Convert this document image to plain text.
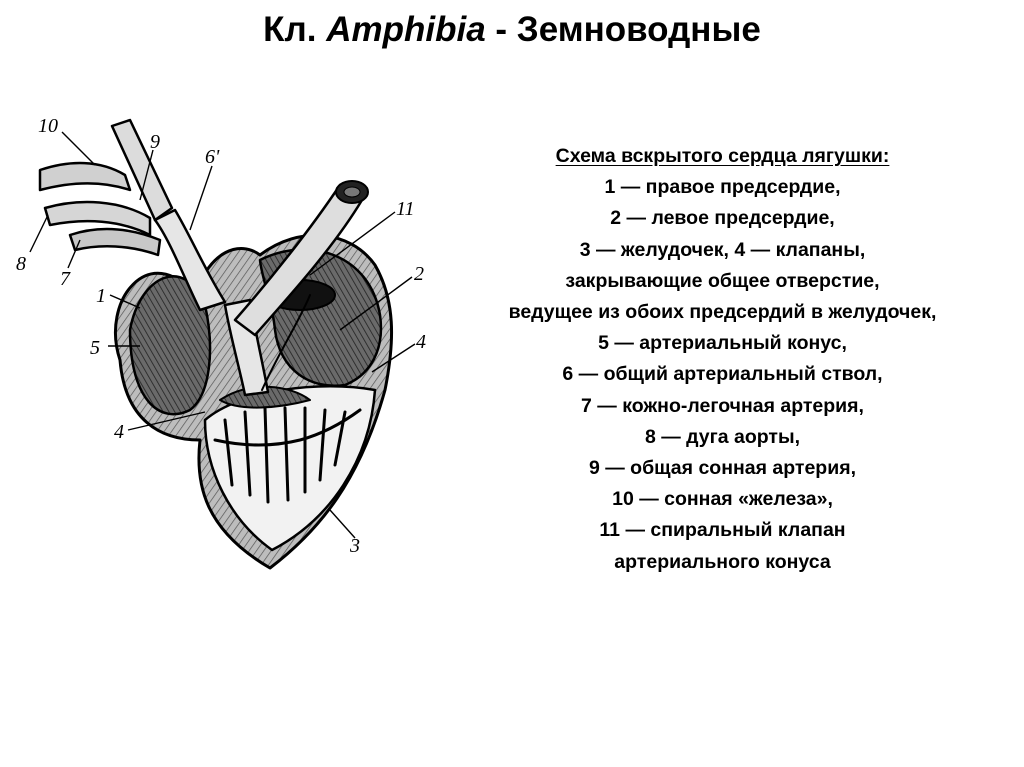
Кл. Amphibia - Земноводные
10
9
6'
8
7
11
2
1
5	4
4
3
Схема вскрытого сердца лягушки:
1 — правое предсердие,
2 — левое предсердие,
3 — желудочек, 4 — клапаны,
закрывающие общее отверстие,
ведущее из обоих предсердий в желудочек,
5 — артериальный конус,
6 — общий артериальный ствол,
7 — кожно-легочная артерия,
8 — дуга аорты,
9 — общая сонная артерия,
10 — сонная «железа»,
11 — спиральный клапан
артериального конуса
